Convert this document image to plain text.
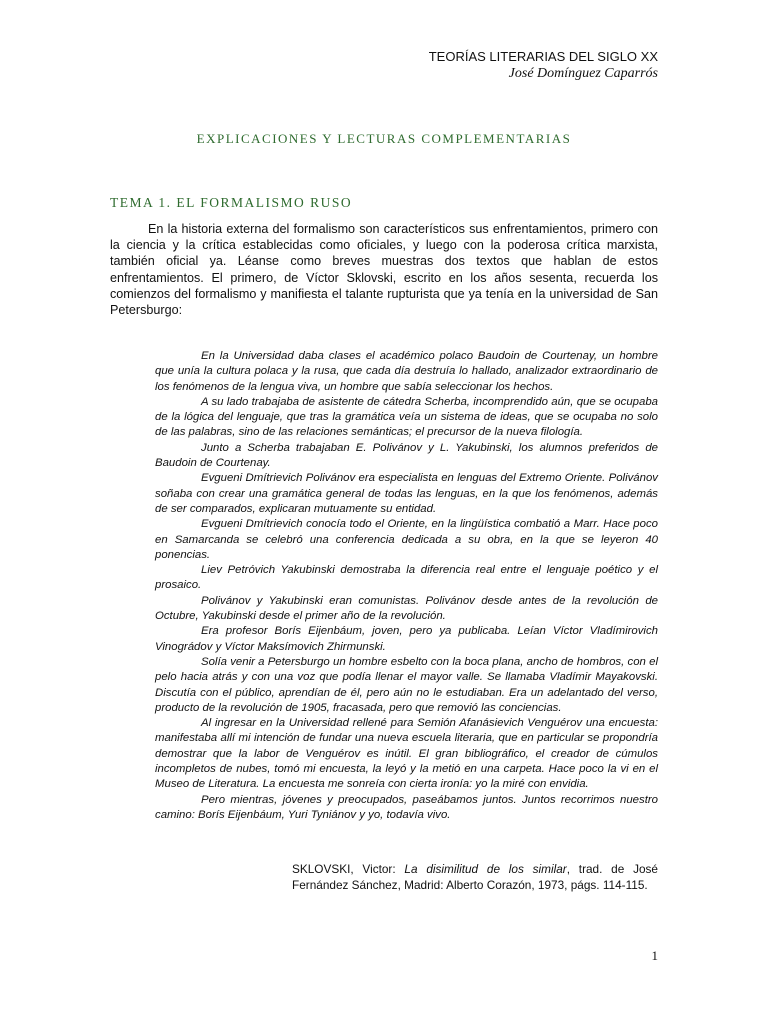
TEORÍAS LITERARIAS DEL SIGLO XX
José Domínguez Caparrós
EXPLICACIONES Y LECTURAS COMPLEMENTARIAS
TEMA 1. EL FORMALISMO RUSO

En la historia externa del formalismo son característicos sus enfrentamientos, primero con la ciencia y la crítica establecidas como oficiales, y luego con la poderosa crítica marxista, también oficial ya. Léanse como breves muestras dos textos que hablan de estos enfrentamientos. El primero, de Víctor Sklovski, escrito en los años sesenta, recuerda los comienzos del formalismo y manifiesta el talante rupturista que ya tenía en la universidad de San Petersburgo:

En la Universidad daba clases el académico polaco Baudoin de Courtenay, un hombre que unía la cultura polaca y la rusa, que cada día destruía lo hallado, analizador extraordinario de los fenómenos de la lengua viva, un hombre que sabía seleccionar los hechos.

A su lado trabajaba de asistente de cátedra Scherba, incomprendido aún, que se ocupaba de la lógica del lenguaje, que tras la gramática veía un sistema de ideas, que se ocupaba no solo de las palabras, sino de las relaciones semánticas; el precursor de la nueva filología.

Junto a Scherba trabajaban E. Polivánov y L. Yakubinski, los alumnos preferidos de Baudoin de Courtenay.

Evgueni Dmítrievich Polivánov era especialista en lenguas del Extremo Oriente. Polivánov soñaba con crear una gramática general de todas las lenguas, en la que los fenómenos, además de ser comparados, explicaran mutuamente su entidad.

Evgueni Dmítrievich conocía todo el Oriente, en la lingüística combatió a Marr. Hace poco en Samarcanda se celebró una conferencia dedicada a su obra, en la que se leyeron 40 ponencias.

Liev Petróvich Yakubinski demostraba la diferencia real entre el lenguaje poético y el prosaico.

Polivánov y Yakubinski eran comunistas. Polivánov desde antes de la revolución de Octubre, Yakubinski desde el primer año de la revolución.

Era profesor Borís Eijenbáum, joven, pero ya publicaba. Leían Víctor Vladímirovich Vinográdov y Víctor Maksímovich Zhirmunski.

Solía venir a Petersburgo un hombre esbelto con la boca plana, ancho de hombros, con el pelo hacia atrás y con una voz que podía llenar el mayor valle. Se llamaba Vladímir Mayakovski. Discutía con el público, aprendían de él, pero aún no le estudiaban. Era un adelantado del verso, producto de la revolución de 1905, fracasada, pero que removió las conciencias.

Al ingresar en la Universidad rellené para Semión Afanásievich Venguérov una encuesta: manifestaba allí mi intención de fundar una nueva escuela literaria, que en particular se propondría demostrar que la labor de Venguérov es inútil. El gran bibliográfico, el creador de cúmulos incompletos de nubes, tomó mi encuesta, la leyó y la metió en una carpeta. Hace poco la vi en el Museo de Literatura. La encuesta me sonreía con cierta ironía: yo la miré con envidia.

Pero mientras, jóvenes y preocupados, paseábamos juntos. Juntos recorrimos nuestro camino: Borís Eijenbáum, Yuri Tyniánov y yo, todavía vivo.

SKLOVSKI, Victor: La disimilitud de los similar, trad. de José Fernández Sánchez, Madrid: Alberto Corazón, 1973, págs. 114-115.

1
